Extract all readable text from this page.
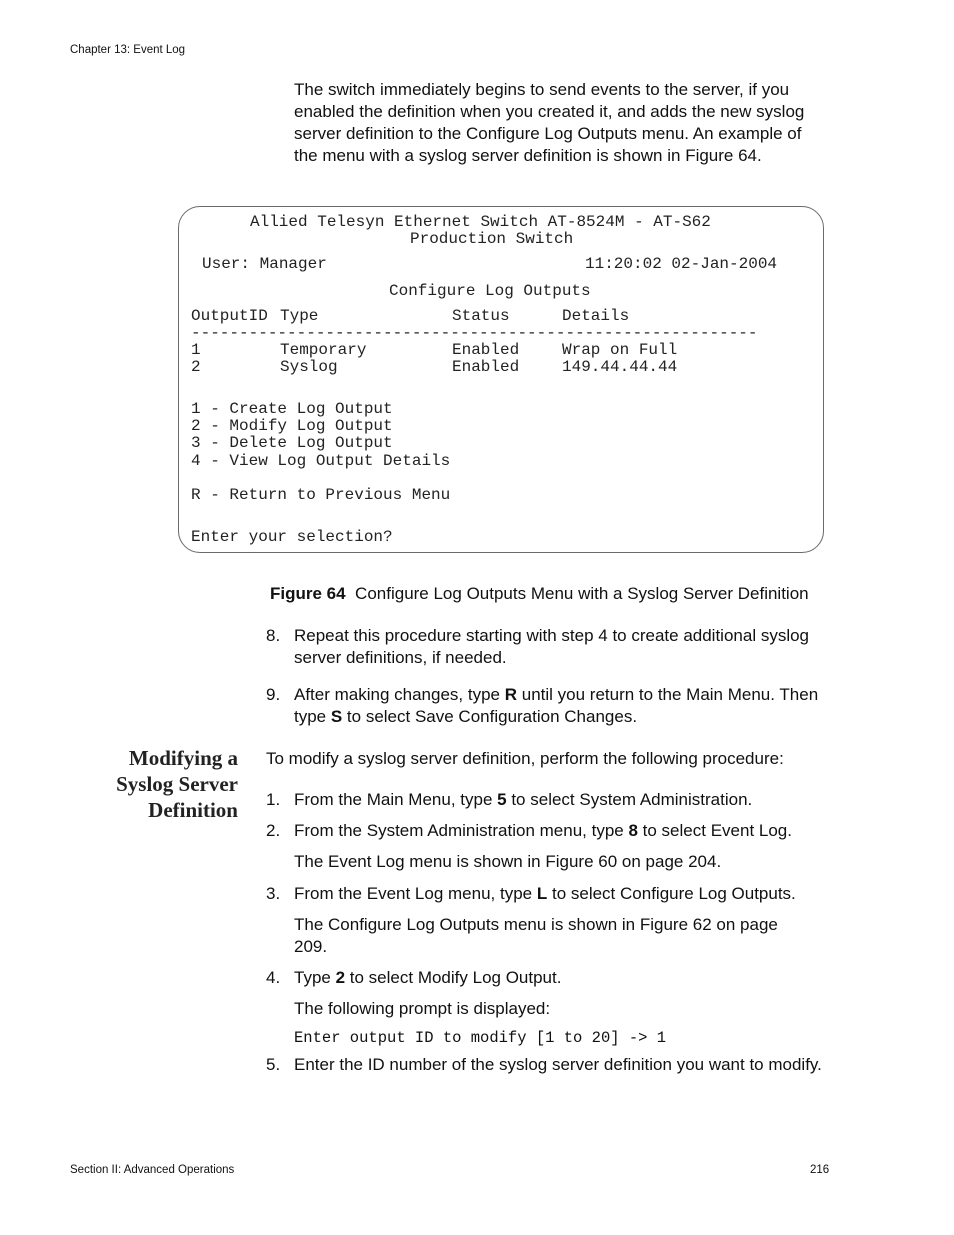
Chapter 13: Event Log
The switch immediately begins to send events to the server, if you enabled the definition when you created it, and adds the new syslog server definition to the Configure Log Outputs menu. An example of the menu with a syslog server definition is shown in Figure 64.
Allied Telesyn Ethernet Switch AT-8524M - AT-S62
Production Switch
User: Manager	11:20:02 02-Jan-2004
Configure Log Outputs
OutputID Type	Status	Details
-----------------------------------------------------------
1	Temporary	Enabled	Wrap on Full
2	Syslog	Enabled	149.44.44.44
1 - Create Log Output
2 - Modify Log Output
3 - Delete Log Output
4 - View Log Output Details
R - Return to Previous Menu
Enter your selection?
Figure 64 Configure Log Outputs Menu with a Syslog Server Definition
8. Repeat this procedure starting with step 4 to create additional syslog server definitions, if needed.
9. After making changes, type R until you return to the Main Menu. Then type S to select Save Configuration Changes.
Modifying a Syslog Server Definition
To modify a syslog server definition, perform the following procedure:
1. From the Main Menu, type 5 to select System Administration.
2. From the System Administration menu, type 8 to select Event Log.
The Event Log menu is shown in Figure 60 on page 204.
3. From the Event Log menu, type L to select Configure Log Outputs.
The Configure Log Outputs menu is shown in Figure 62 on page 209.
4. Type 2 to select Modify Log Output.
The following prompt is displayed:
Enter output ID to modify [1 to 20] -> 1
5. Enter the ID number of the syslog server definition you want to modify.
Section II: Advanced Operations	216
